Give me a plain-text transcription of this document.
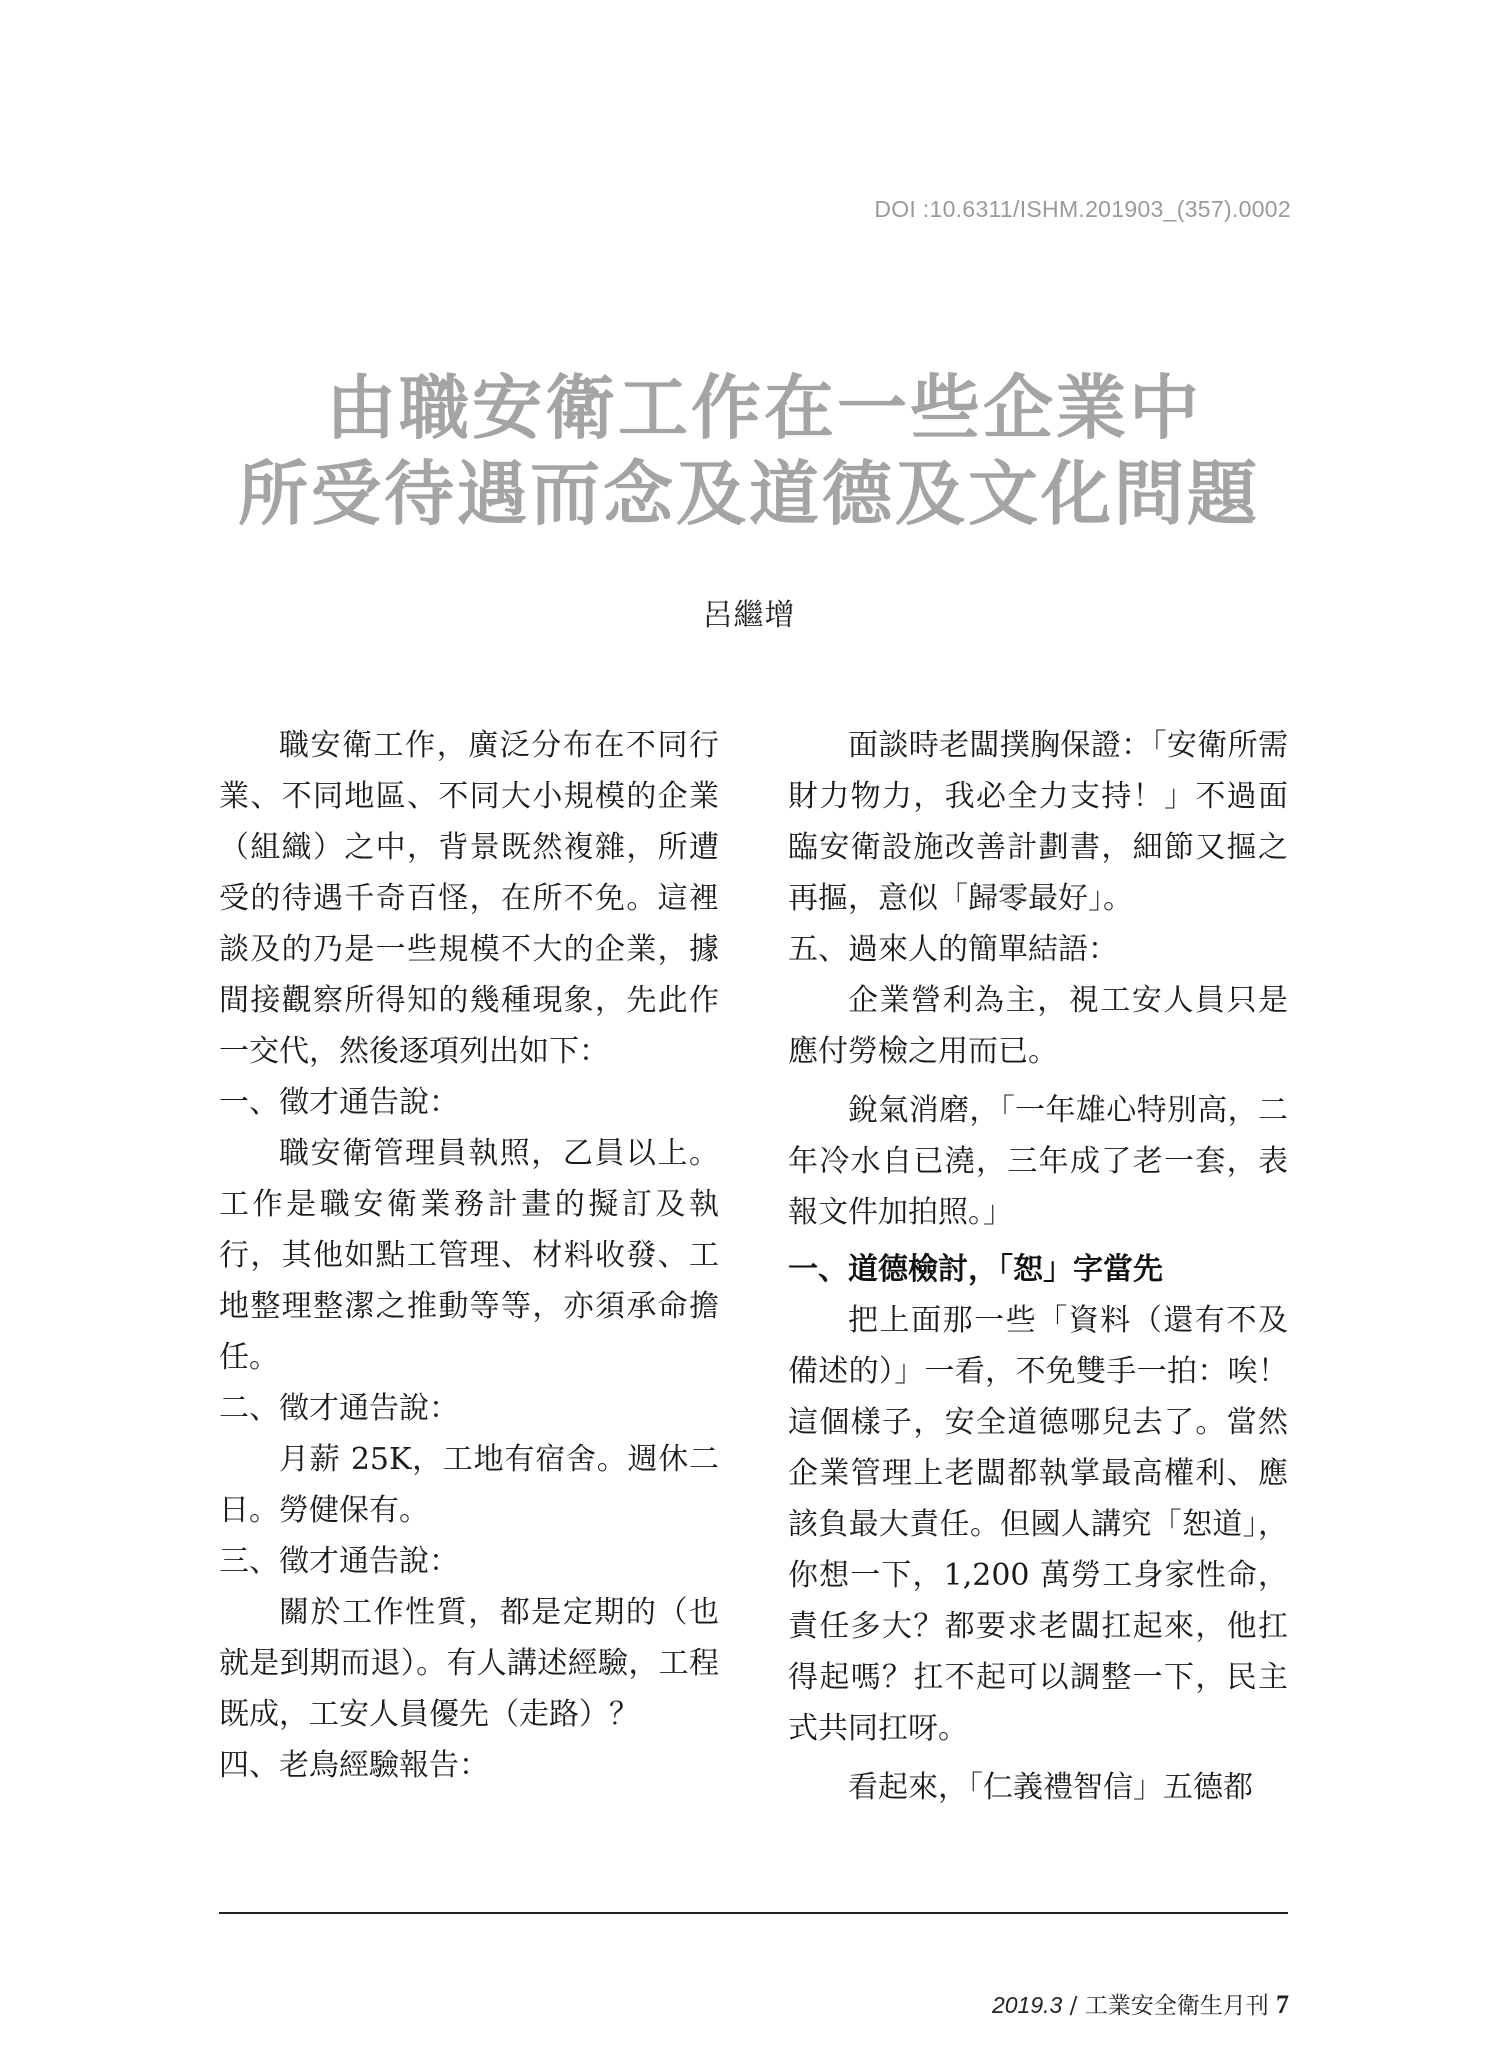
DOI :10.6311/ISHM.201903_(357).0002
由職安衛工作在一些企業中
所受待遇而念及道德及文化問題
呂繼增

職安衛工作，廣泛分布在不同行業、不同地區、不同大小規模的企業（組織）之中，背景既然複雜，所遭受的待遇千奇百怪，在所不免。這裡談及的乃是一些規模不大的企業，據間接觀察所得知的幾種現象，先此作一交代，然後逐項列出如下：

一、徵才通告說：

職安衛管理員執照，乙員以上。工作是職安衛業務計畫的擬訂及執行，其他如點工管理、材料收發、工地整理整潔之推動等等，亦須承命擔任。

二、徵才通告說：

月薪 25K，工地有宿舍。週休二日。勞健保有。

三、徵才通告說：

關於工作性質，都是定期的（也就是到期而退）。有人講述經驗，工程既成，工安人員優先（走路）？

四、老鳥經驗報告：

面談時老闆撲胸保證：「安衛所需財力物力，我必全力支持！」不過面臨安衛設施改善計劃書，細節又摳之再摳，意似「歸零最好」。

五、過來人的簡單結語：

企業營利為主，視工安人員只是應付勞檢之用而已。

銳氣消磨，「一年雄心特別高，二年冷水自已澆，三年成了老一套，表報文件加拍照。」

一、道德檢討，「恕」字當先

把上面那一些「資料（還有不及備述的）」一看，不免雙手一拍：唉！這個樣子，安全道德哪兒去了。當然企業管理上老闆都執掌最高權利、應該負最大責任。但國人講究「恕道」，你想一下，1,200 萬勞工身家性命，責任多大？都要求老闆扛起來，他扛得起嗎？扛不起可以調整一下，民主式共同扛呀。

看起來，「仁義禮智信」五德都

2019.3 / 工業安全衛生月刊 7
